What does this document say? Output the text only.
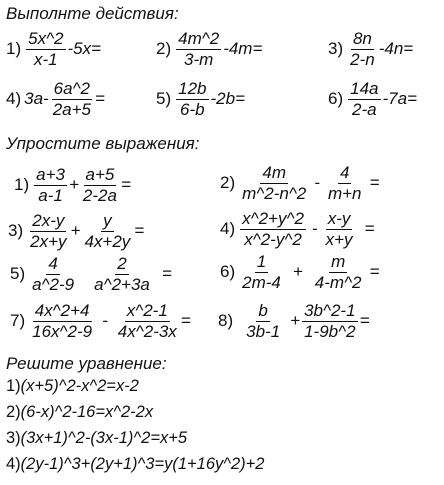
Выполнте действия:
$1) \frac{5x\^{}2}{x-1} -5x=$	$2) \frac{4m\^{}2}{3-m} -4m=$	$3) \frac{8n}{2-n} -4n=$
4) $3a- \frac{6a\^{}2}{2a+5}$ =	$5) \frac{12b}{6-b} -2b=$	$6) \frac{14a}{2-a} -7a=$
Упростите выражения:
$1) \frac{a+3}{a-1} + \frac{a+5}{2-2a}$ =	$2) \frac{4m}{m\^{}2-n\^{}2} - \frac{4}{m+n}$ =
$3) \frac{2x-y}{2x+y} + \frac{y}{4x+2y}$ =	$4) \frac{x\^{}2+y\^{}2}{x\^{}2-y\^{}2} - \frac{x-y}{x+y}$ =
$5) \frac{4}{a\^{}2-9} \frac{2}{a\^{}2+3a}$ =	$6) \frac{1}{2m-4} + \frac{m}{4-m\^{}2}$ =
$7) \frac{4x\^{}2+4}{16x\^{}2-9} - \frac{x\^{}2-1}{4x\^{}2-3x} = 8) \frac{b}{3b-1} + \frac{3b\^{}2-1}{1-9b\^{}2}$ =
Решите уравнение:
1)(x+5)^2-x^2=x-2
2)(6-x)^2-16=x^2-2x
3)(3x+1)^2-(3x-1)^2=x+5
4)(2y-1)^3+(2y+1)^3=y(1+16y^2)+2
